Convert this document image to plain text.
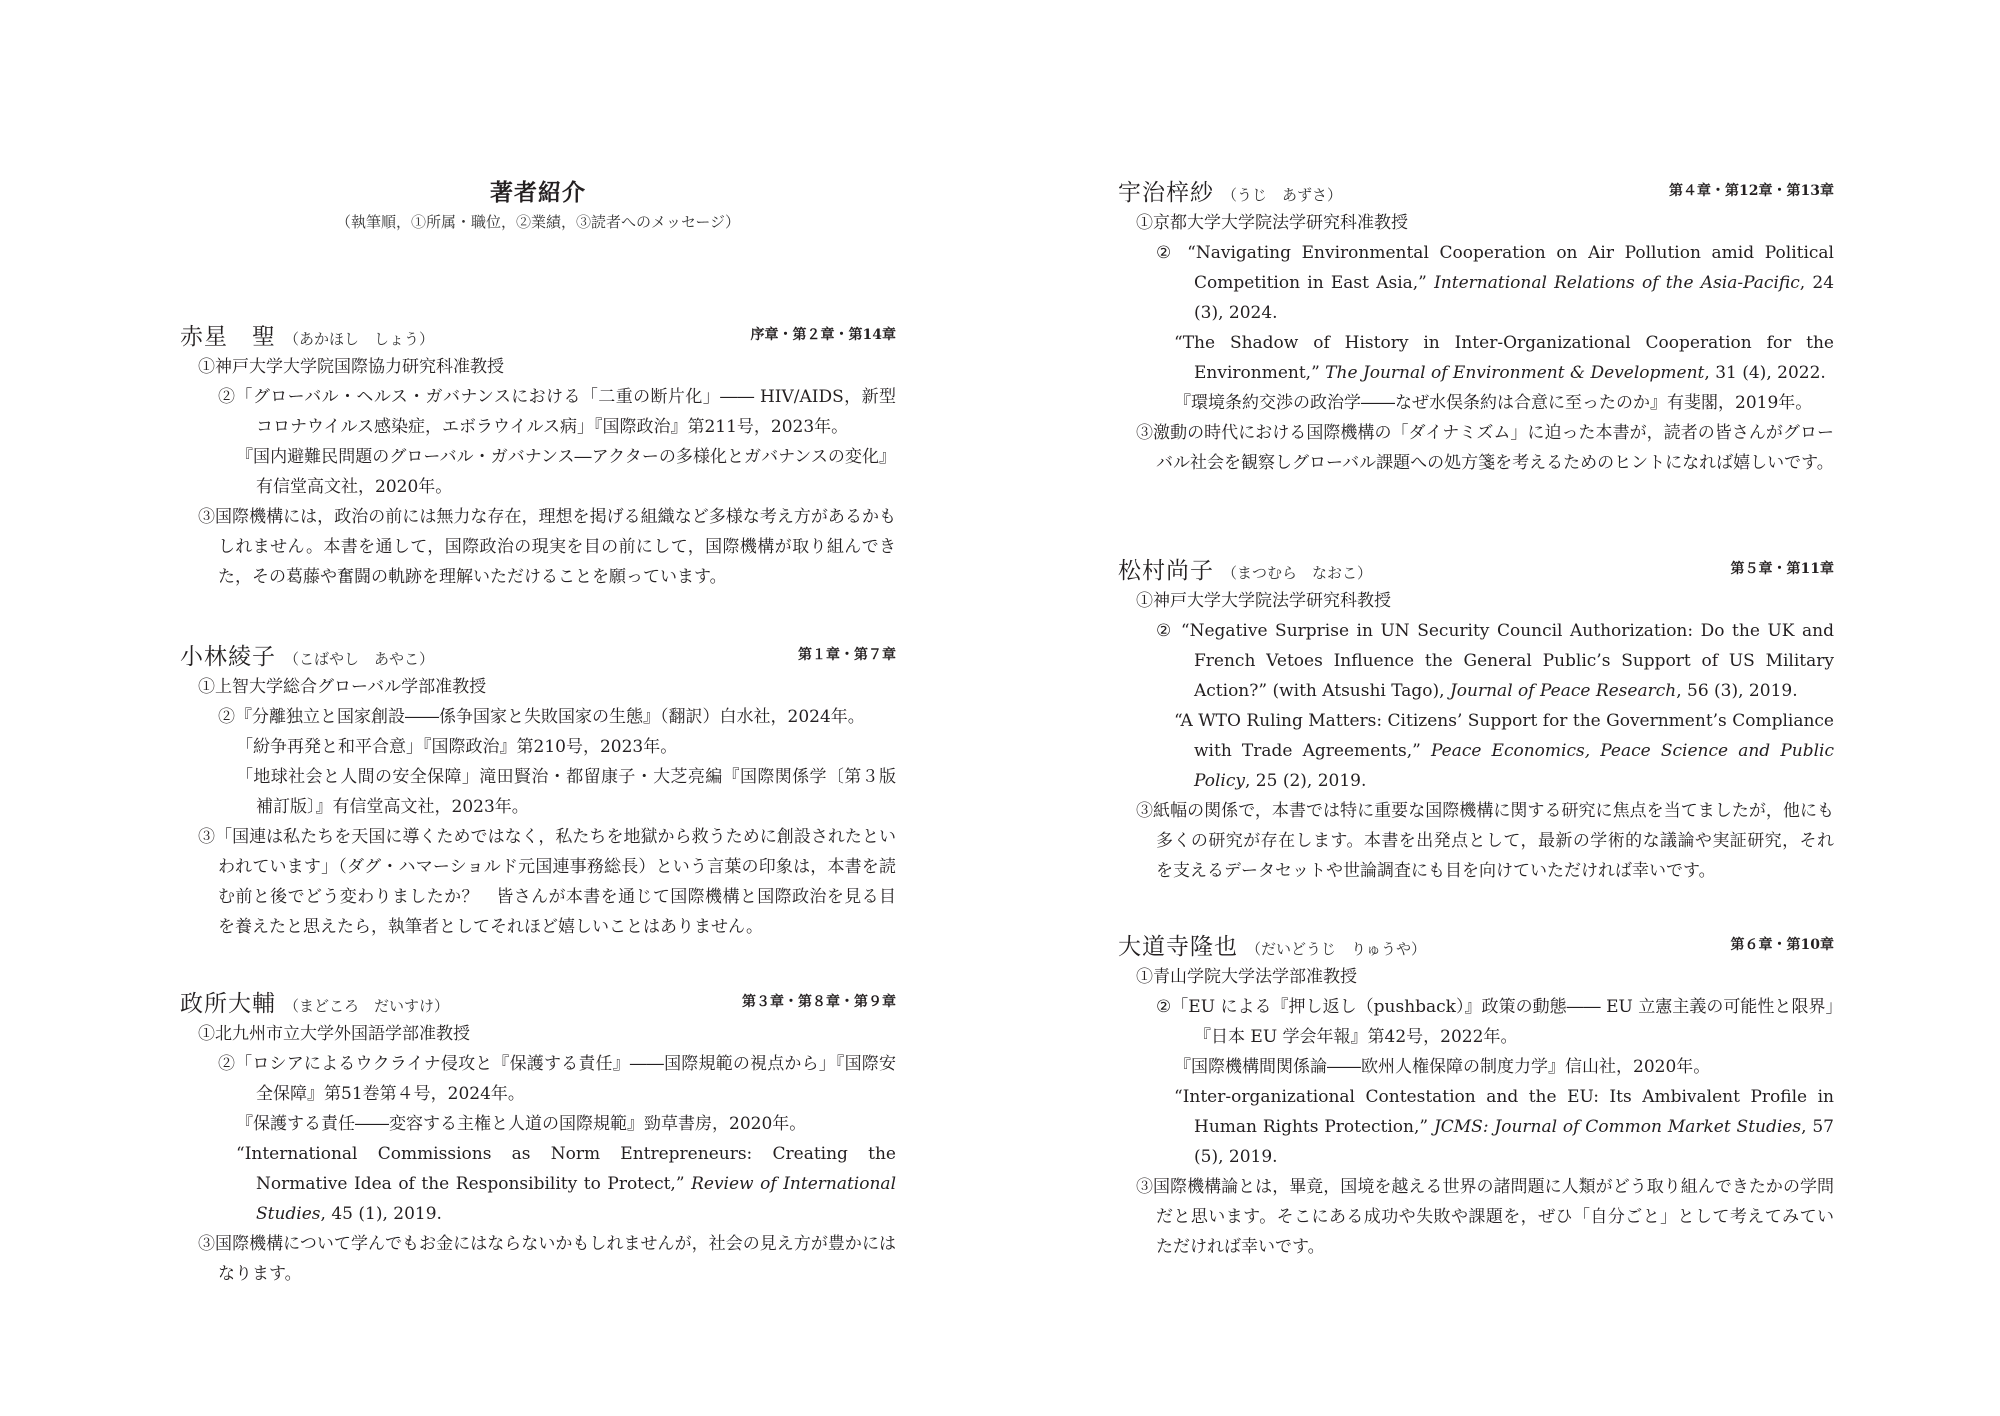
著者紹介
（執筆順，①所属・職位，②業績，③読者へのメッセージ）
赤星　聖 （あかほし　しょう）	序章・第２章・第14章
①神戸大学大学院国際協力研究科准教授
②「グローバル・ヘルス・ガバナンスにおける「二重の断片化」―― HIV/AIDS，新型コロナウイルス感染症，エボラウイルス病」『国際政治』第211号，2023年。
『国内避難民問題のグローバル・ガバナンス―アクターの多様化とガバナンスの変化』有信堂高文社，2020年。
③国際機構には，政治の前には無力な存在，理想を掲げる組織など多様な考え方があるかもしれません。本書を通して，国際政治の現実を目の前にして，国際機構が取り組んできた，その葛藤や奮闘の軌跡を理解いただけることを願っています。
小林綾子 （こばやし　あやこ）	第１章・第７章
①上智大学総合グローバル学部准教授
②『分離独立と国家創設――係争国家と失敗国家の生態』（翻訳）白水社，2024年。
「紛争再発と和平合意」『国際政治』第210号，2023年。
「地球社会と人間の安全保障」滝田賢治・都留康子・大芝亮編『国際関係学〔第３版補訂版〕』有信堂高文社，2023年。
③「国連は私たちを天国に導くためではなく，私たちを地獄から救うために創設されたといわれています」（ダグ・ハマーショルド元国連事務総長）という言葉の印象は，本書を読む前と後でどう変わりましたか？　皆さんが本書を通じて国際機構と国際政治を見る目を養えたと思えたら，執筆者としてそれほど嬉しいことはありません。
政所大輔 （まどころ　だいすけ）	第３章・第８章・第９章
①北九州市立大学外国語学部准教授
②「ロシアによるウクライナ侵攻と『保護する責任』――国際規範の視点から」『国際安全保障』第51巻第４号，2024年。
『保護する責任――変容する主権と人道の国際規範』勁草書房，2020年。
“International Commissions as Norm Entrepreneurs: Creating the Normative Idea of the Responsibility to Protect,” Review of International Studies, 45 (1), 2019.
③国際機構について学んでもお金にはならないかもしれませんが，社会の見え方が豊かにはなります。
宇治梓紗 （うじ　あずさ）	第４章・第12章・第13章
①京都大学大学院法学研究科准教授
② “Navigating Environmental Cooperation on Air Pollution amid Political Competition in East Asia,” International Relations of the Asia-Pacific, 24 (3), 2024.
“The Shadow of History in Inter-Organizational Cooperation for the Environment,” The Journal of Environment & Development, 31 (4), 2022.
『環境条約交渉の政治学――なぜ水俣条約は合意に至ったのか』有斐閣，2019年。
③激動の時代における国際機構の「ダイナミズム」に迫った本書が，読者の皆さんがグローバル社会を観察しグローバル課題への処方箋を考えるためのヒントになれば嬉しいです。
松村尚子 （まつむら　なおこ）	第５章・第11章
①神戸大学大学院法学研究科教授
② “Negative Surprise in UN Security Council Authorization: Do the UK and French Vetoes Influence the General Public’s Support of US Military Action?” (with Atsushi Tago), Journal of Peace Research, 56 (3), 2019.
“A WTO Ruling Matters: Citizens’ Support for the Government’s Compliance with Trade Agreements,” Peace Economics, Peace Science and Public Policy, 25 (2), 2019.
③紙幅の関係で，本書では特に重要な国際機構に関する研究に焦点を当てましたが，他にも多くの研究が存在します。本書を出発点として，最新の学術的な議論や実証研究，それを支えるデータセットや世論調査にも目を向けていただければ幸いです。
大道寺隆也 （だいどうじ　りゅうや）	第６章・第10章
①青山学院大学法学部准教授
②「EU による『押し返し（pushback）』政策の動態―― EU 立憲主義の可能性と限界」『日本 EU 学会年報』第42号，2022年。
『国際機構間関係論――欧州人権保障の制度力学』信山社，2020年。
“Inter-organizational Contestation and the EU: Its Ambivalent Profile in Human Rights Protection,” JCMS: Journal of Common Market Studies, 57 (5), 2019.
③国際機構論とは，畢竟，国境を越える世界の諸問題に人類がどう取り組んできたかの学問だと思います。そこにある成功や失敗や課題を，ぜひ「自分ごと」として考えてみていただければ幸いです。
